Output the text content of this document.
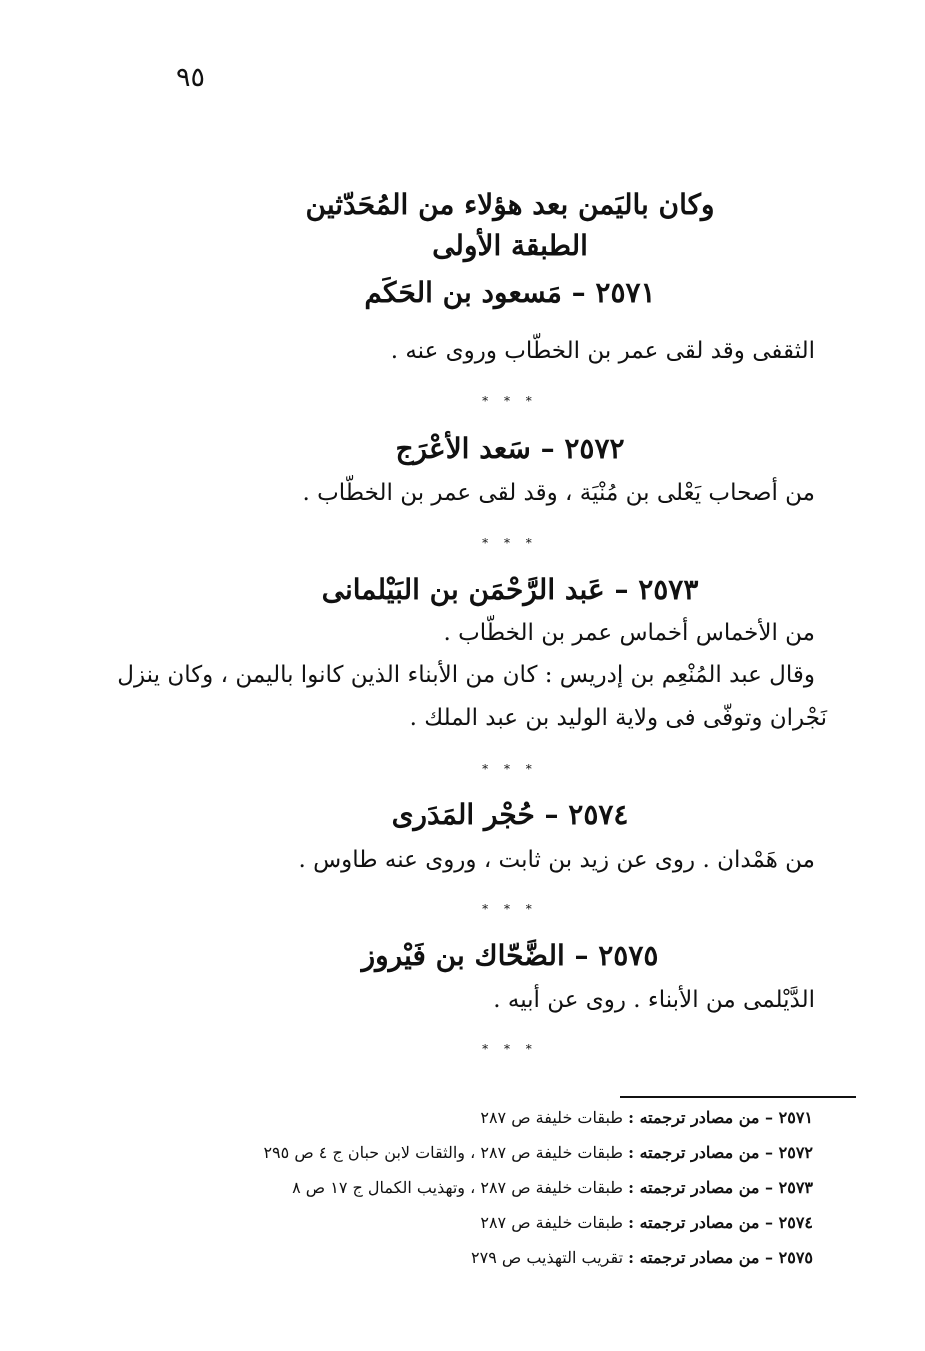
٩٥
وكان باليَمن بعد هؤلاء من المُحَدّثين
الطبقة الأولى
٢٥٧١ – مَسعود بن الحَكَم
الثقفى وقد لقى عمر بن الخطّاب وروى عنه .
* * *
٢٥٧٢ – سَعد الأعْرَج
من أصحاب يَعْلى بن مُنْيَة ، وقد لقى عمر بن الخطّاب .
* * *
٢٥٧٣ – عَبد الرَّحْمَن بن البَيْلمانى
من الأخماس أخماس عمر بن الخطّاب .
وقال عبد المُنْعِم بن إدريس : كان من الأبناء الذين كانوا باليمن ، وكان ينزل
نَجْران وتوفّى فى ولاية الوليد بن عبد الملك .
* * *
٢٥٧٤ – حُجْر المَدَرى
من هَمْدان . روى عن زيد بن ثابت ، وروى عنه طاوس .
* * *
٢٥٧٥ – الضَّحّاك بن فَيْروز
الدَّيْلمى من الأبناء . روى عن أبيه .
* * *
٢٥٧١ – من مصادر ترجمته : طبقات خليفة ص ٢٨٧
٢٥٧٢ – من مصادر ترجمته : طبقات خليفة ص ٢٨٧ ، والثقات لابن حبان ج ٤ ص ٢٩٥
٢٥٧٣ – من مصادر ترجمته : طبقات خليفة ص ٢٨٧ ، وتهذيب الكمال ج ١٧ ص ٨
٢٥٧٤ – من مصادر ترجمته : طبقات خليفة ص ٢٨٧
٢٥٧٥ – من مصادر ترجمته : تقريب التهذيب ص ٢٧٩
